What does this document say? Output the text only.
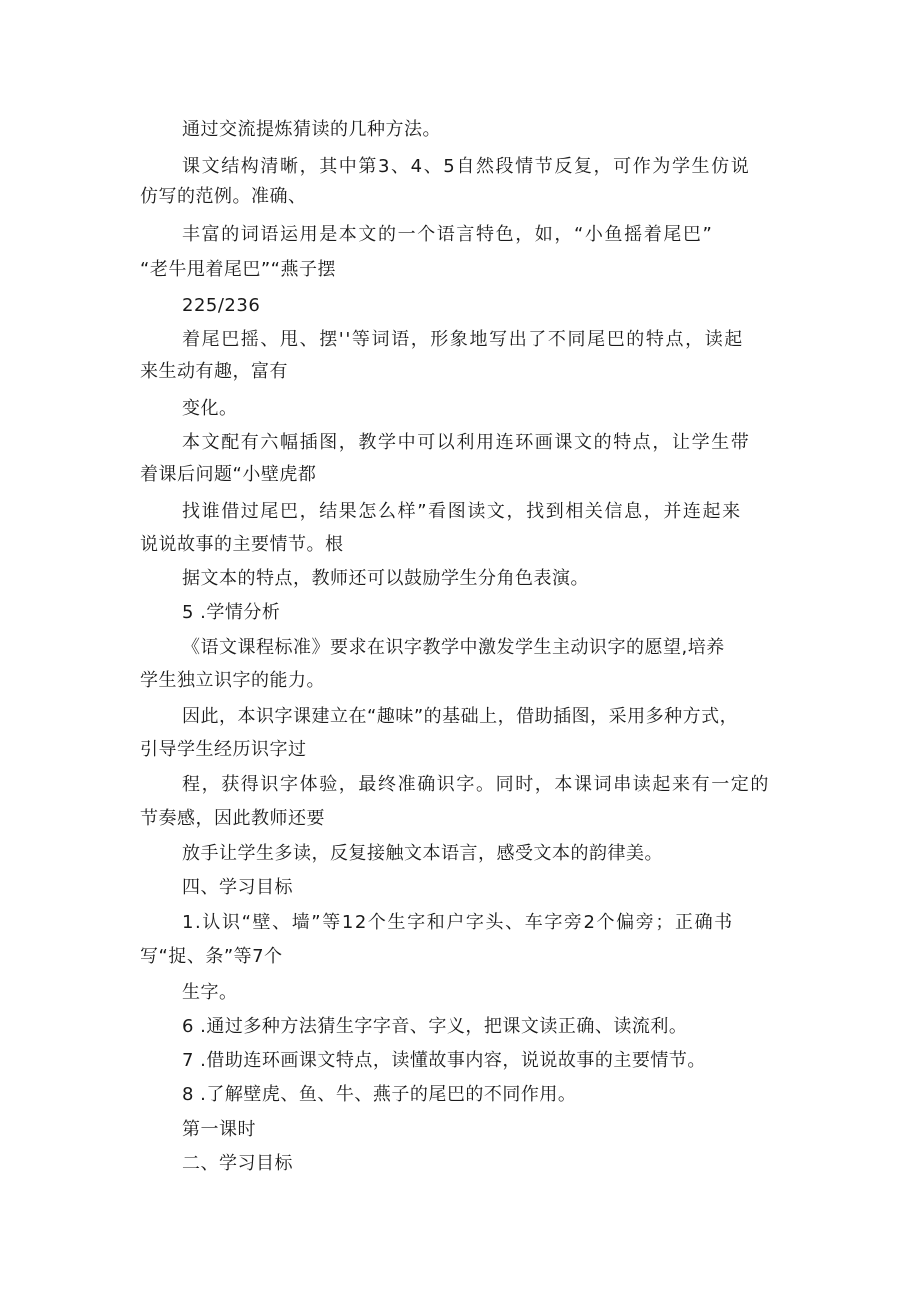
通过交流提炼猜读的几种方法。
课文结构清晰，其中第3、4、5自然段情节反复，可作为学生仿说
仿写的范例。准确、
丰富的词语运用是本文的一个语言特色，如，“小鱼摇着尾巴”
“老牛甩着尾巴”“燕子摆
225/236
着尾巴摇、甩、摆''等词语，形象地写出了不同尾巴的特点，读起
来生动有趣，富有
变化。
本文配有六幅插图，教学中可以利用连环画课文的特点，让学生带
着课后问题“小壁虎都
找谁借过尾巴，结果怎么样”看图读文，找到相关信息，并连起来
说说故事的主要情节。根
据文本的特点，教师还可以鼓励学生分角色表演。
5 .学情分析
《语文课程标准》要求在识字教学中激发学生主动识字的愿望,培养
学生独立识字的能力。
因此，本识字课建立在“趣味”的基础上，借助插图，采用多种方式，
引导学生经历识字过
程，获得识字体验，最终准确识字。同时，本课词串读起来有一定的
节奏感，因此教师还要
放手让学生多读，反复接触文本语言，感受文本的韵律美。
四、学习目标
1.认识“壁、墙”等12个生字和户字头、车字旁2个偏旁；正确书
写“捉、条”等7个
生字。
6 .通过多种方法猜生字字音、字义，把课文读正确、读流利。
7 .借助连环画课文特点，读懂故事内容，说说故事的主要情节。
8 .了解壁虎、鱼、牛、燕子的尾巴的不同作用。
第一课时
二、学习目标
